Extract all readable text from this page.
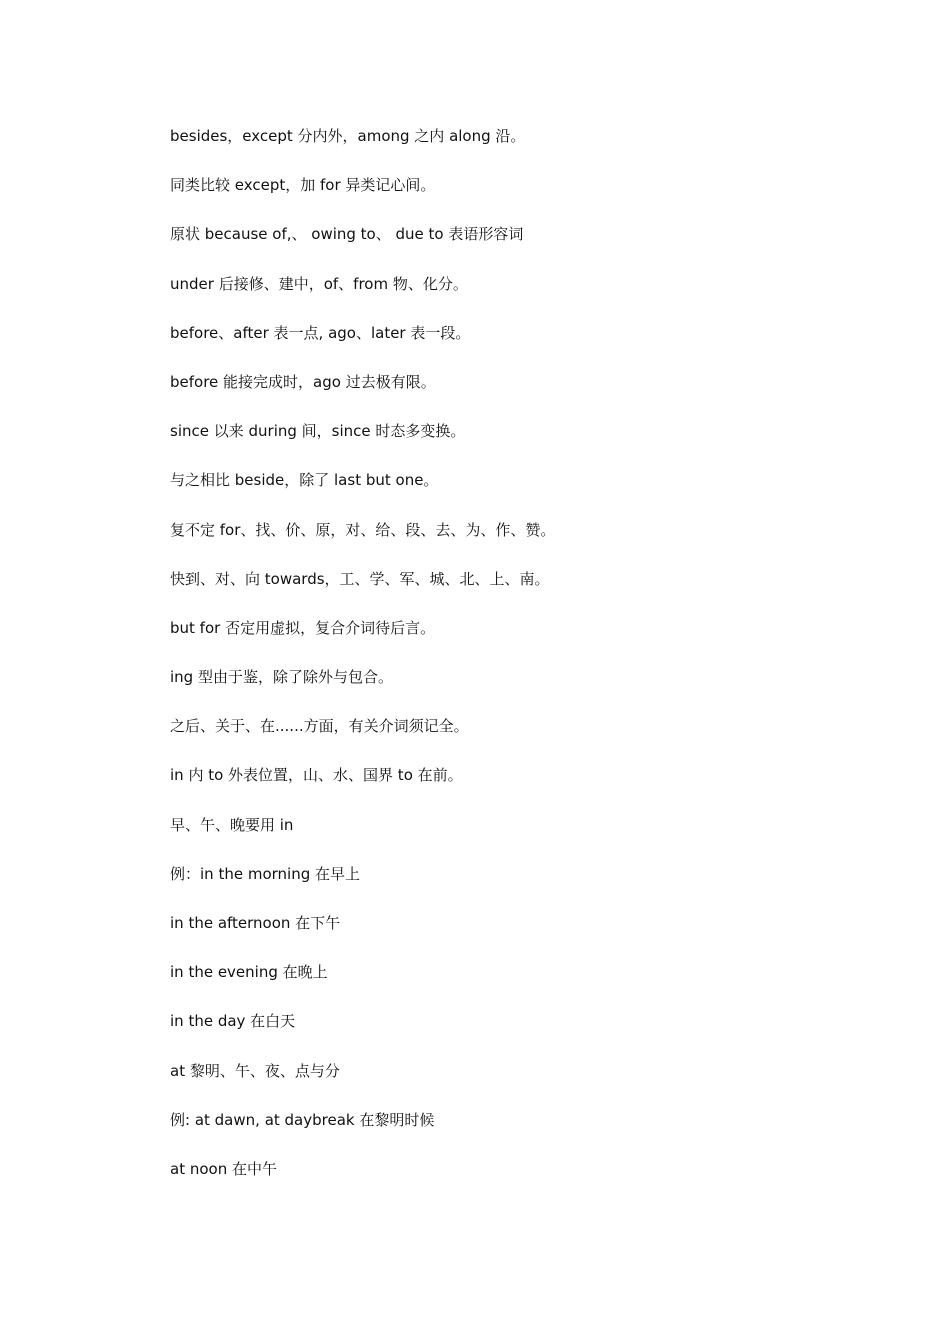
besides，except 分内外，among 之内 along 沿。
同类比较 except，加 for 异类记心间。
原状 because of,、 owing to、 due to 表语形容词
under 后接修、建中，of、from 物、化分。
before、after 表一点, ago、later 表一段。
before 能接完成时，ago 过去极有限。
since 以来 during 间，since 时态多变换。
与之相比 beside，除了 last but one。
复不定 for、找、价、原，对、给、段、去、为、作、赞。
快到、对、向 towards，工、学、军、城、北、上、南。
but for 否定用虚拟，复合介词待后言。
ing 型由于鉴，除了除外与包合。
之后、关于、在......方面，有关介词须记全。
in 内 to 外表位置，山、水、国界 to 在前。
早、午、晚要用 in
例：in the morning 在早上
in the afternoon 在下午
in the evening 在晚上
in the day 在白天
at 黎明、午、夜、点与分
例: at dawn, at daybreak 在黎明时候
at noon 在中午
